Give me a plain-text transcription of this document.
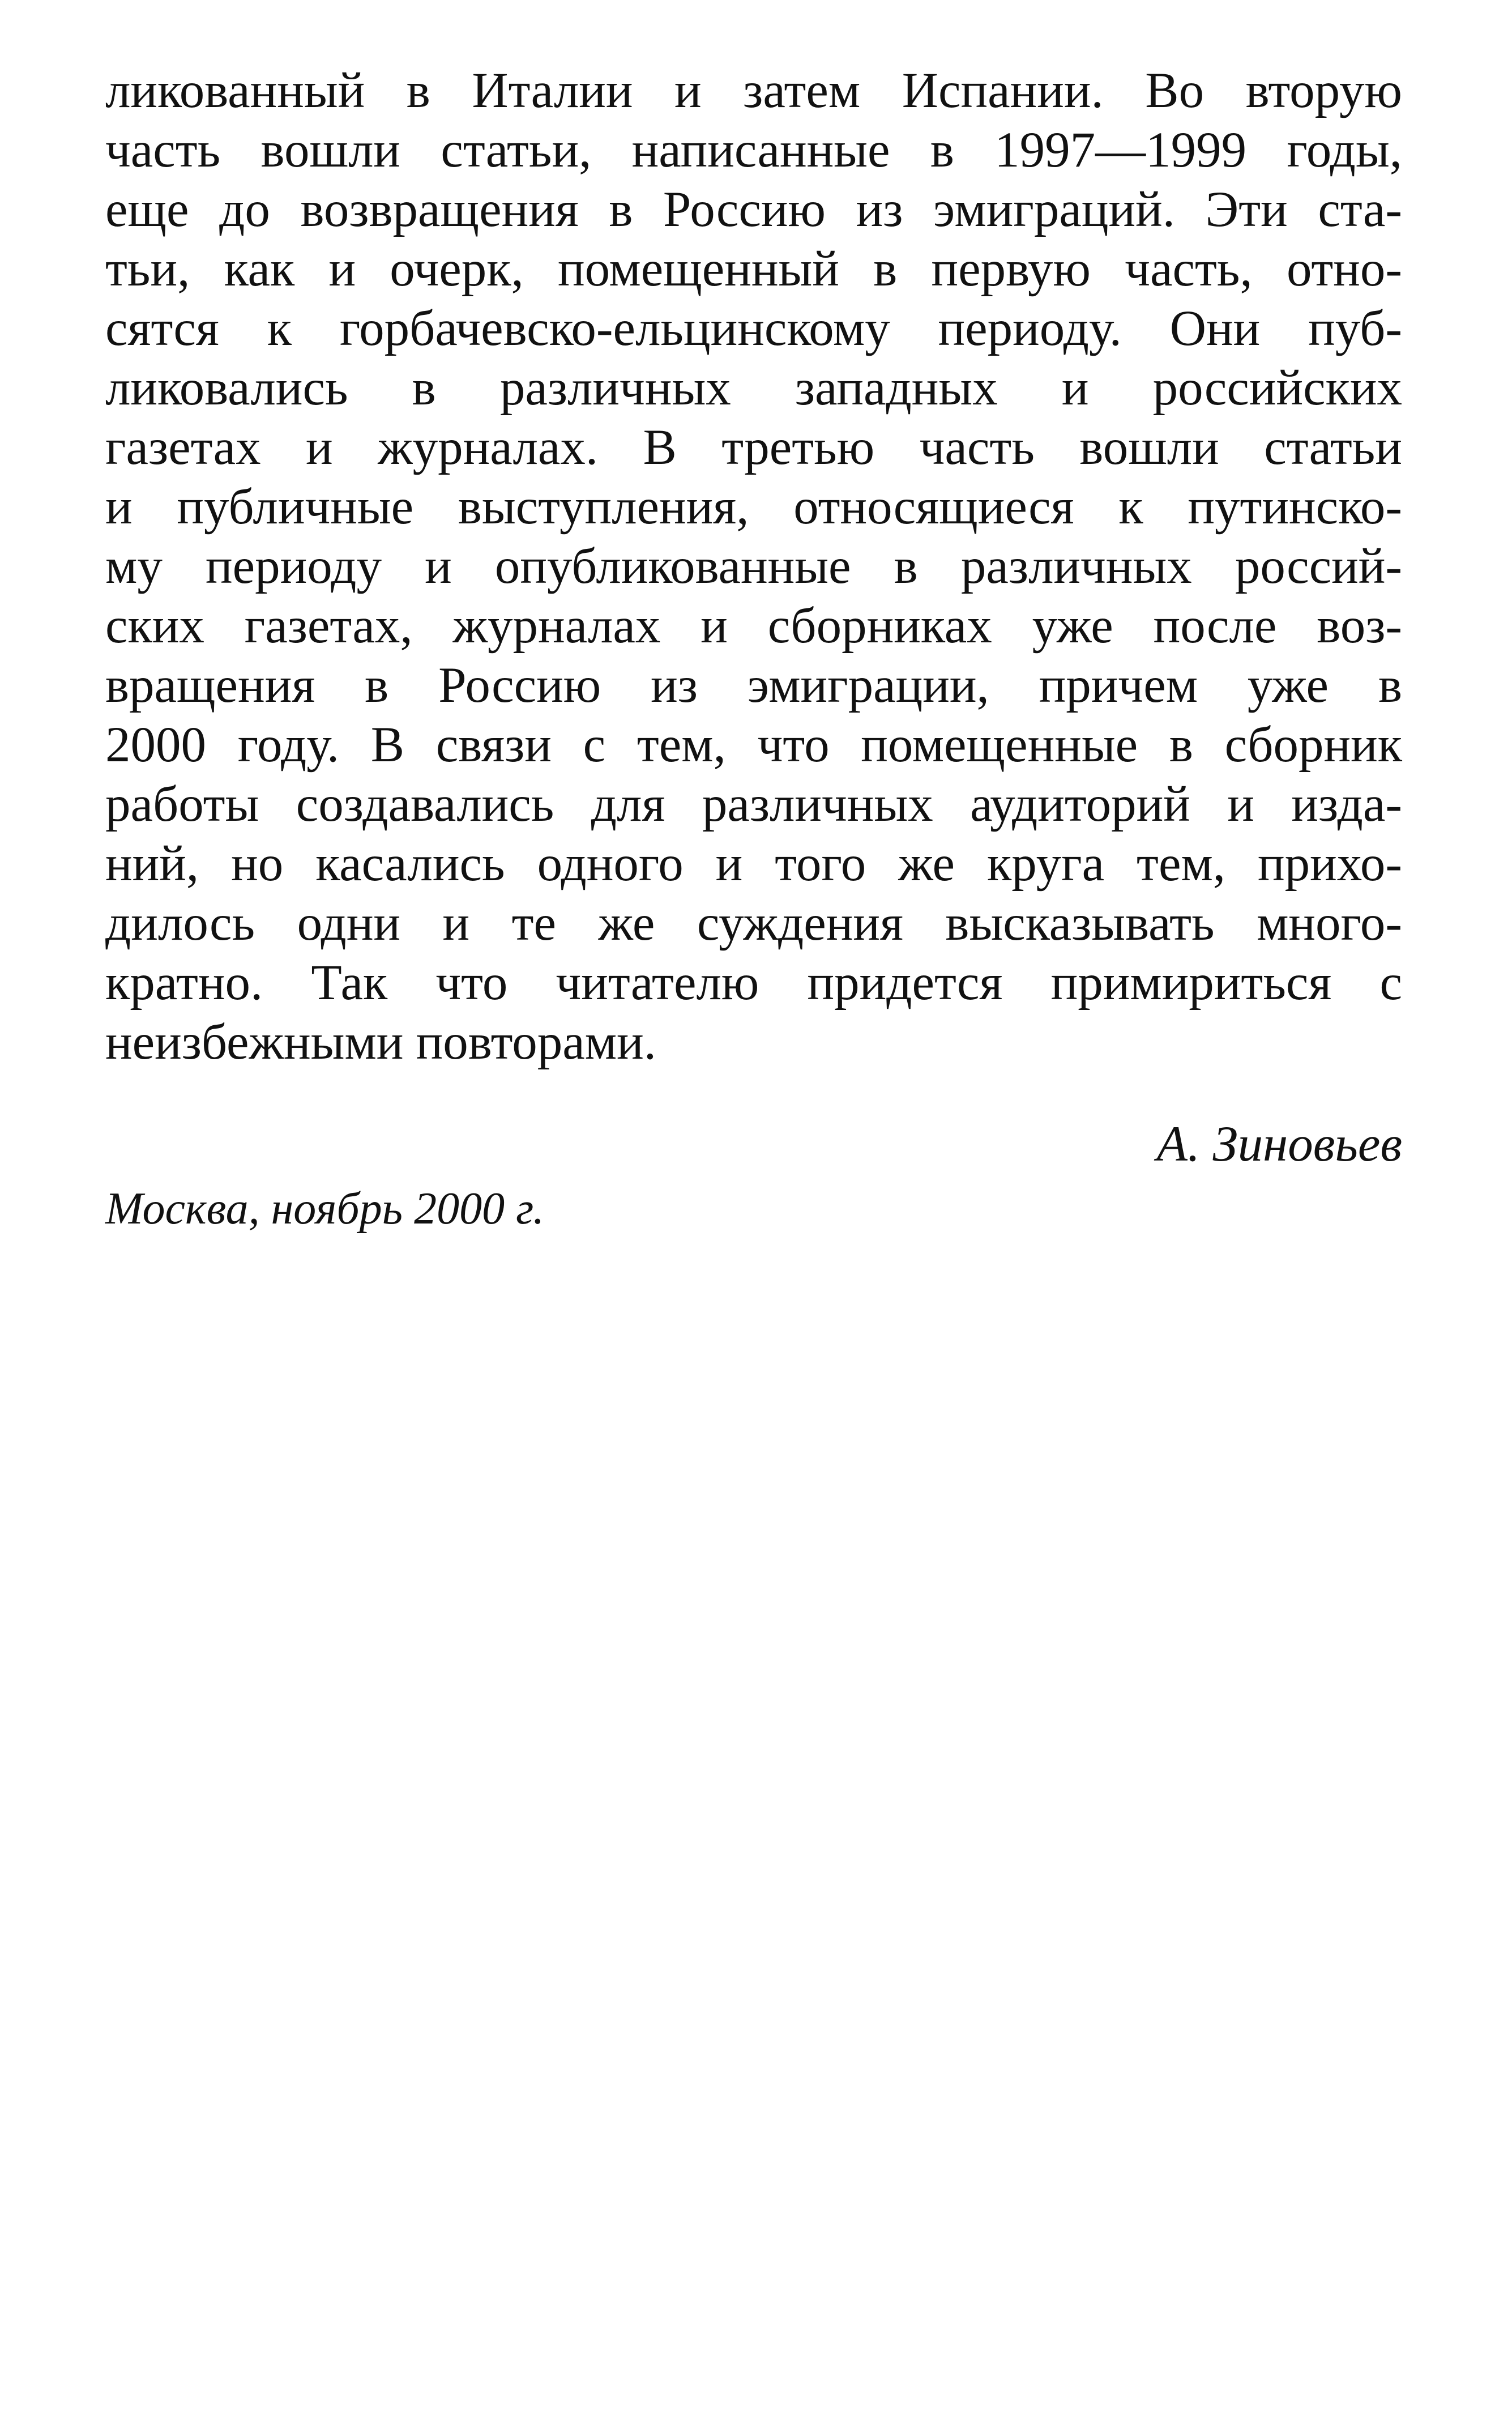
ликованный в Италии и затем Испании. Во вторую
часть вошли статьи, написанные в 1997—1999 годы,
еще до возвращения в Россию из эмиграций. Эти ста-
тьи, как и очерк, помещенный в первую часть, отно-
сятся к горбачевско-ельцинскому периоду. Они пуб-
ликовались в различных западных и российских
газетах и журналах. В третью часть вошли статьи
и публичные выступления, относящиеся к путинско-
му периоду и опубликованные в различных россий-
ских газетах, журналах и сборниках уже после воз-
вращения в Россию из эмиграции, причем уже в
2000 году. В связи с тем, что помещенные в сборник
работы создавались для различных аудиторий и изда-
ний, но касались одного и того же круга тем, прихо-
дилось одни и те же суждения высказывать много-
кратно. Так что читателю придется примириться с
неизбежными повторами.
А. Зиновьев
Москва, ноябрь 2000 г.
